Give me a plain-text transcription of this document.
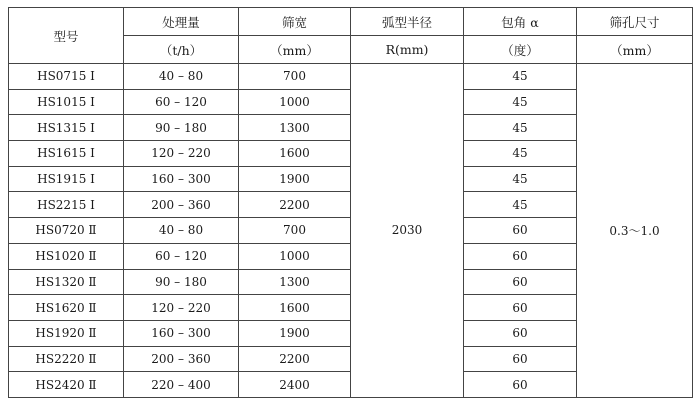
型号	处理量	筛宽	弧型半径	包角 α	筛孔尺寸
	（t/h）	（mm）	R(mm)	（度）	（mm）
HS0715 Ⅰ	40 – 80	700	2030	45	0.3～1.0
HS1015 Ⅰ	60 – 120	1000		45	
HS1315 Ⅰ	90 – 180	1300		45	
HS1615 Ⅰ	120 – 220	1600		45	
HS1915 Ⅰ	160 – 300	1900		45	
HS2215 Ⅰ	200 – 360	2200		45	
HS0720 Ⅱ	40 – 80	700		60	
HS1020 Ⅱ	60 – 120	1000		60	
HS1320 Ⅱ	90 – 180	1300		60	
HS1620 Ⅱ	120 – 220	1600		60	
HS1920 Ⅱ	160 – 300	1900		60	
HS2220 Ⅱ	200 – 360	2200		60	
HS2420 Ⅱ	220 – 400	2400		60	
